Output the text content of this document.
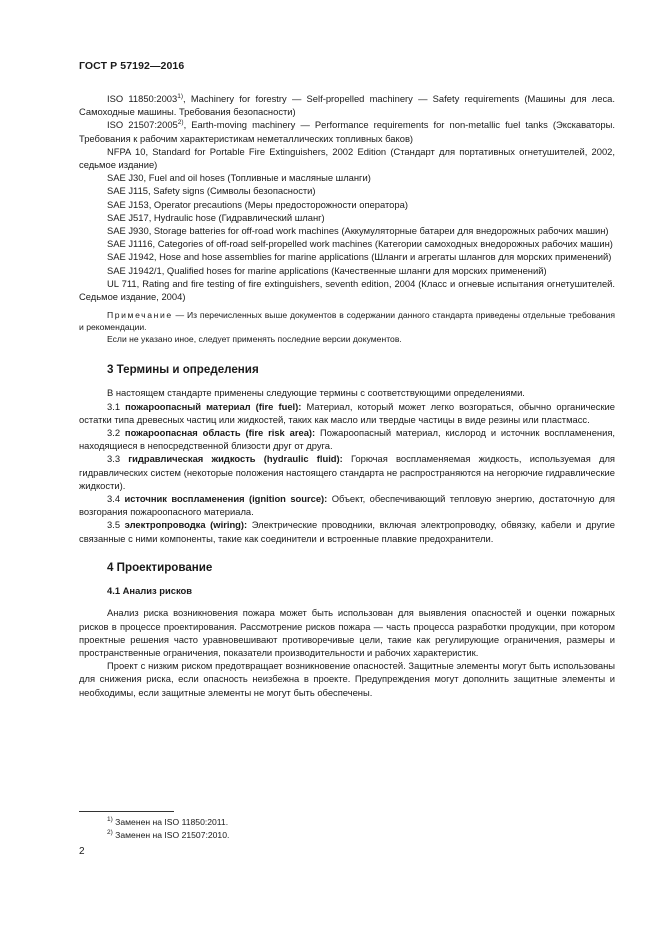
ГОСТ Р 57192—2016

ISO 11850:2003$^{1)}$, Machinery for forestry — Self-propelled machinery — Safety requirements (Машины для леса. Самоходные машины. Требования безопасности)

ISO 21507:2005$^{2)}$, Earth-moving machinery — Performance requirements for non-metallic fuel tanks (Экскаваторы. Требования к рабочим характеристикам неметаллических топливных баков)

NFPA 10, Standard for Portable Fire Extinguishers, 2002 Edition (Стандарт для портативных огнетушителей, 2002, седьмое издание)

SAE J30, Fuel and oil hoses (Топливные и масляные шланги)

SAE J115, Safety signs (Символы безопасности)

SAE J153, Operator precautions (Меры предосторожности оператора)

SAE J517, Hydraulic hose (Гидравлический шланг)

SAE J930, Storage batteries for off-road work machines (Аккумуляторные батареи для внедорожных рабочих машин)

SAE J1116, Categories of off-road self-propelled work machines (Категории самоходных внедорожных рабочих машин)

SAE J1942, Hose and hose assemblies for marine applications (Шланги и агрегаты шлангов для морских применений)

SAE J1942/1, Qualified hoses for marine applications (Качественные шланги для морских применений)

UL 711, Rating and fire testing of fire extinguishers, seventh edition, 2004 (Класс и огневые испытания огнетушителей. Седьмое издание, 2004)

Примечание — Из перечисленных выше документов в содержании данного стандарта приведены отдельные требования и рекомендации.

Если не указано иное, следует применять последние версии документов.

3 Термины и определения

В настоящем стандарте применены следующие термины с соответствующими определениями.

3.1 пожароопасный материал (fire fuel): Материал, который может легко возгораться, обычно органические остатки типа древесных частиц или жидкостей, таких как масло или твердые частицы в виде резины или пластмасс.

3.2 пожароопасная область (fire risk area): Пожароопасный материал, кислород и источник воспламенения, находящиеся в непосредственной близости друг от друга.

3.3 гидравлическая жидкость (hydraulic fluid): Горючая воспламеняемая жидкость, используемая для гидравлических систем (некоторые положения настоящего стандарта не распространяются на негорючие гидравлические жидкости).

3.4 источник воспламенения (ignition source): Объект, обеспечивающий тепловую энергию, достаточную для возгорания пожароопасного материала.

3.5 электропроводка (wiring): Электрические проводники, включая электропроводку, обвязку, кабели и другие связанные с ними компоненты, такие как соединители и встроенные плавкие предохранители.

4 Проектирование
4.1 Анализ рисков

Анализ риска возникновения пожара может быть использован для выявления опасностей и оценки пожарных рисков в процессе проектирования. Рассмотрение рисков пожара — часть процесса разработки продукции, при котором проектные решения часто уравновешивают противоречивые цели, такие как регулирующие ограничения, размеры и пространственные ограничения, показатели производительности и рабочих характеристик.

Проект с низким риском предотвращает возникновение опасностей. Защитные элементы могут быть использованы для снижения риска, если опасность неизбежна в проекте. Предупреждения могут дополнить защитные элементы и необходимы, если защитные элементы не могут быть обеспечены.

$^{1)}$ Заменен на ISO 11850:2011.
$^{2)}$ Заменен на ISO 21507:2010.
2
